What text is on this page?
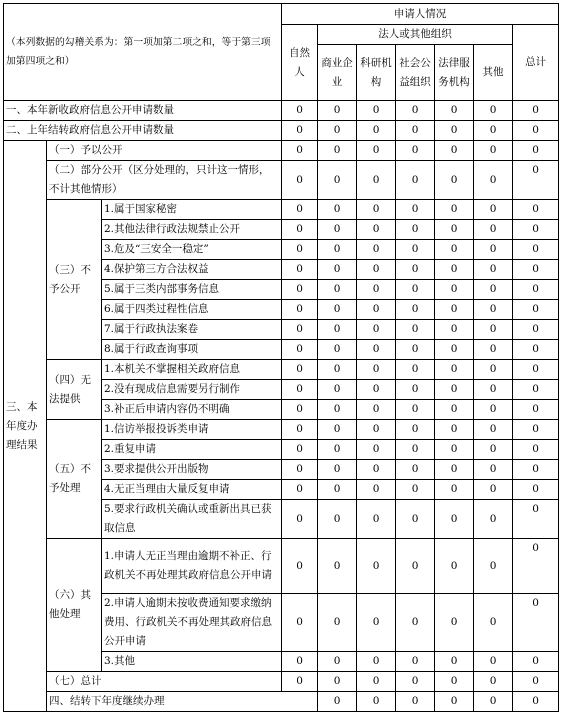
（本列数据的勾稽关系为：第一项加第二项之和，等于第三项加第四项之和）			申请人情况							
			自然人	法人或其他组织					总计	
				商业企业	科研机构	社会公益组织	法律服务机构	其他		
一、本年新收政府信息公开申请数量			0	0	0	0	0	0	0	
二、上年结转政府信息公开申请数量			0	0	0	0	0	0	0	
三、本年度办理结果	（一）予以公开		0	0	0	0	0	0	0	
	（二）部分公开（区分处理的，只计这一情形，不计其他情形）		0	0	0	0	0	0	0	
	（三）不予公开	1.属于国家秘密	0	0	0	0	0	0	0	
		2.其他法律行政法规禁止公开	0	0	0	0	0	0	0	
		3.危及“三安全一稳定”	0	0	0	0	0	0	0	
		4.保护第三方合法权益	0	0	0	0	0	0	0	
		5.属于三类内部事务信息	0	0	0	0	0	0	0	
		6.属于四类过程性信息	0	0	0	0	0	0	0	
		7.属于行政执法案卷	0	0	0	0	0	0	0	
		8.属于行政查询事项	0	0	0	0	0	0	0	
	（四）无法提供	1.本机关不掌握相关政府信息	0	0	0	0	0	0	0	
		2.没有现成信息需要另行制作	0	0	0	0	0	0	0	
		3.补正后申请内容仍不明确	0	0	0	0	0	0	0	
	（五）不予处理	1.信访举报投诉类申请	0	0	0	0	0	0	0	
		2.重复申请	0	0	0	0	0	0	0	
		3.要求提供公开出版物	0	0	0	0	0	0	0	
		4.无正当理由大量反复申请	0	0	0	0	0	0	0	
		5.要求行政机关确认或重新出具已获取信息	0	0	0	0	0	0	0	
	（六）其他处理	1.申请人无正当理由逾期不补正、行政机关不再处理其政府信息公开申请	0	0	0	0	0	0	0	
		2.申请人逾期未按收费通知要求缴纳费用、行政机关不再处理其政府信息公开申请	0	0	0	0	0	0	0	
		3.其他	0	0	0	0	0	0	0	
	（七）总计		0	0	0	0	0	0	0	
	四、结转下年度继续办理			0	0	0	0	0	0	
